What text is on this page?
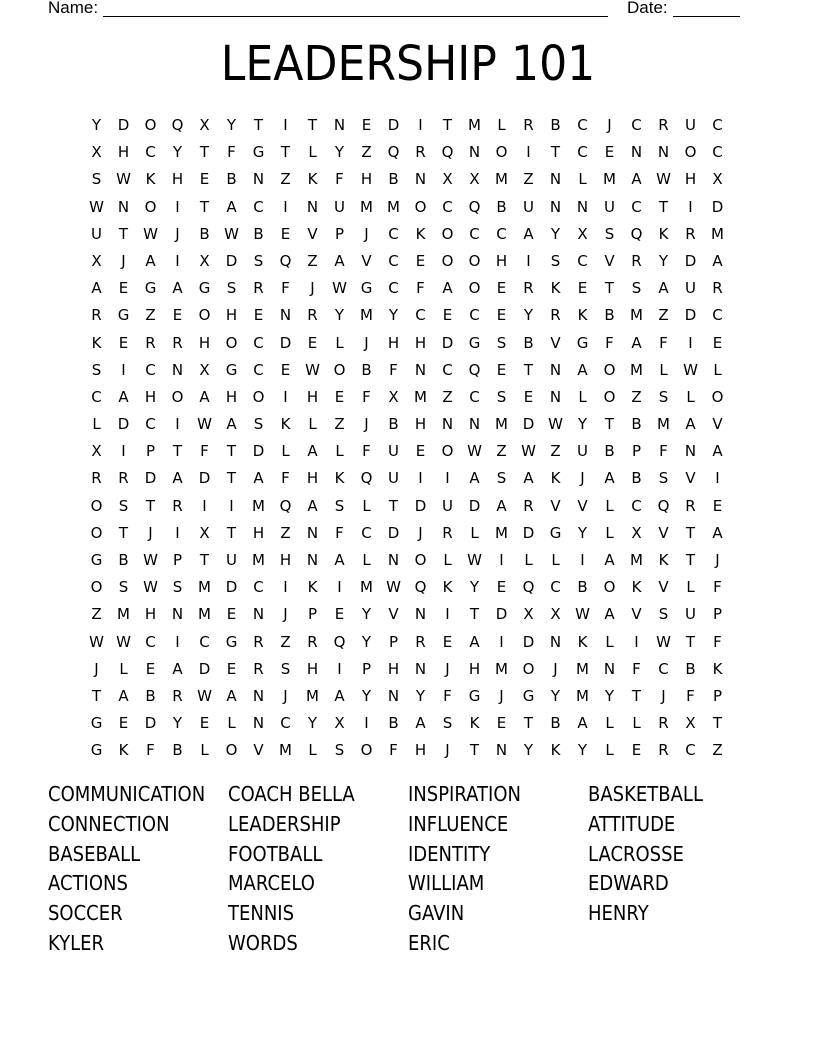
Name:	Date:
LEADERSHIP 101
Y	D	O	Q	X	Y	T	I	T	N	E	D	I	T	M	L	R	B	C	J	C	R	U	C
X	H	C	Y	T	F	G	T	L	Y	Z	Q	R	Q	N	O	I	T	C	E	N	N	O	C
S W K	H	E	B	N	Z	K	F	H	B	N	X	X	M	Z	N	L	M	A W H	X
W N	O	I	T	A	C	I	N	U	M M O	C	Q	B	U	N	N	U	C	T	I	D
U	T	W	J	B W B	E	V	P	J	C	K	O	C	C	A	Y	X	S	Q	K	R	M
X	J	A	I	X	D	S	Q	Z	A	V	C	E	O	O	H	I	S	C	V	R	Y	D	A
A	E	G	A	G	S	R	F	J	W G	C	F	A	O	E	R	K	E	T	S	A	U	R
R	G	Z	E	O	H	E	N	R	Y	M	Y	C	E	C	E	Y	R	K	B	M	Z	D	C
K	E	R	R	H	O	C	D	E	L	J	H	H	D	G	S	B	V	G	F	A	F	I	E
S	I	C	N	X	G	C	E W O	B	F	N	C	Q	E	T	N	A	O M	L	W	L
C	A	H	O	A	H	O	I	H	E	F	X	M	Z	C	S	E	N	L	O	Z	S	L	O
L	D	C	I	W A	S	K	L	Z	J	B	H	N	N M D W Y	T	B	M	A	V
X	I	P	T	F	T	D	L	A	L	F	U	E	O W Z W Z	U	B	P	F	N	A
R	R	D	A	D	T	A	F	H	K	Q	U	I	I	A	S	A	K	J	A	B	S	V	I
O	S	T	R	I	I	M Q	A	S	L	T	D	U	D	A	R	V	V	L	C	Q	R	E
O	T	J	I	X	T	H	Z	N	F	C	D	J	R	L	M D	G	Y	L	X	V	T	A
G	B W	P	T	U	M H	N	A	L	N	O	L	W	I	L	L	I	A	M	K	T	J
O	S W S	M D	C	I	K	I	M W Q	K	Y	E	Q	C	B	O	K	V	L	F
Z	M H	N M	E	N	J	P	E	Y	V	N	I	T	D	X	X W A	V	S	U	P
W W C	I	C	G	R	Z	R	Q	Y	P	R	E	A	I	D	N	K	L	I	W T	F
J	L	E	A	D	E	R	S	H	I	P	H	N	J	H M O	J	M N	F	C	B	K
T	A	B	R W A	N	J	M	A	Y	N	Y	F	G	J	G	Y	M	Y	T	J	F	P
G	E	D	Y	E	L	N	C	Y	X	I	B	A	S	K	E	T	B	A	L	L	R	X	T
G	K	F	B	L	O	V	M	L	S	O	F	H	J	T	N	Y	K	Y	L	E	R	C	Z
COMMUNICATION
CONNECTION
BASEBALL
ACTIONS
SOCCER
KYLER
COACH BELLA
LEADERSHIP
FOOTBALL
MARCELO
TENNIS
WORDS
INSPIRATION
INFLUENCE
IDENTITY
WILLIAM
GAVIN
ERIC
BASKETBALL
ATTITUDE
LACROSSE
EDWARD
HENRY
